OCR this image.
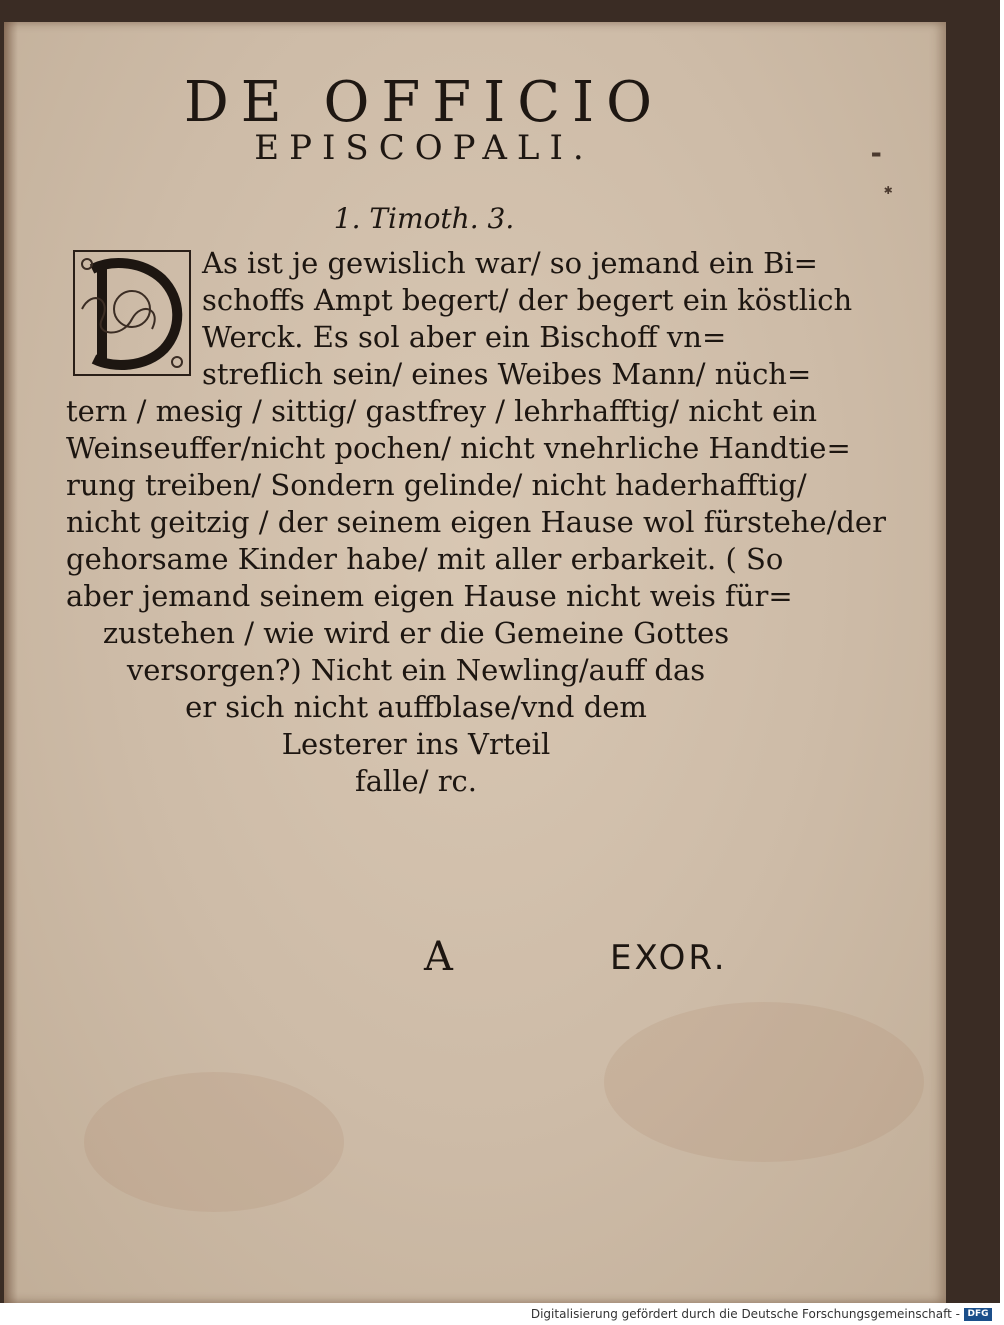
DE OFFICIO
EPISCOPALI.
1. Timoth. 3.
As ist je gewislich war/ so jemand ein Bi=
schoffs Ampt begert/ der begert ein köstlich
Werck. Es sol aber ein Bischoff vn=
streflich sein/ eines Weibes Mann/ nüch=
tern / mesig / sittig/ gastfrey / lehrhafftig/ nicht ein
Weinseuffer/nicht pochen/ nicht vnehrliche Handtie=
rung treiben/ Sondern gelinde/ nicht haderhafftig/
nicht geitzig / der seinem eigen Hause wol fürstehe/der
gehorsame Kinder habe/ mit aller erbarkeit. ( So
aber jemand seinem eigen Hause nicht weis für=
zustehen / wie wird er die Gemeine Gottes
versorgen?) Nicht ein Newling/auff das
er sich nicht auffblase/vnd dem
Lesterer ins Vrteil
falle/ rc.
A	EXOR.
▬
✱
Digitalisierung gefördert durch die Deutsche Forschungsgemeinschaft - DFG
